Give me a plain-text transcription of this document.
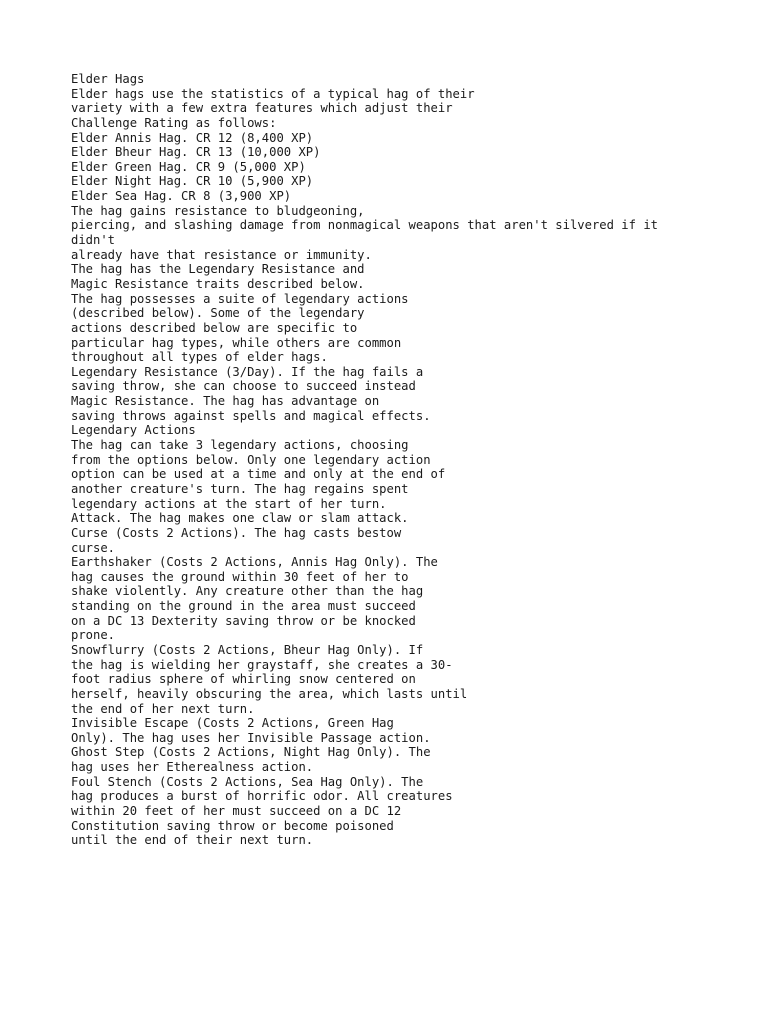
Elder Hags
Elder hags use the statistics of a typical hag of their
variety with a few extra features which adjust their
Challenge Rating as follows:
Elder Annis Hag. CR 12 (8,400 XP)
Elder Bheur Hag. CR 13 (10,000 XP)
Elder Green Hag. CR 9 (5,000 XP)
Elder Night Hag. CR 10 (5,900 XP)
Elder Sea Hag. CR 8 (3,900 XP)
The hag gains resistance to bludgeoning,
piercing, and slashing damage from nonmagical weapons that aren't silvered if it
didn't
already have that resistance or immunity.
The hag has the Legendary Resistance and
Magic Resistance traits described below.
The hag possesses a suite of legendary actions
(described below). Some of the legendary
actions described below are specific to
particular hag types, while others are common
throughout all types of elder hags.
Legendary Resistance (3/Day). If the hag fails a
saving throw, she can choose to succeed instead
Magic Resistance. The hag has advantage on
saving throws against spells and magical effects.
Legendary Actions
The hag can take 3 legendary actions, choosing
from the options below. Only one legendary action
option can be used at a time and only at the end of
another creature's turn. The hag regains spent
legendary actions at the start of her turn.
Attack. The hag makes one claw or slam attack.
Curse (Costs 2 Actions). The hag casts bestow
curse.
Earthshaker (Costs 2 Actions, Annis Hag Only). The
hag causes the ground within 30 feet of her to
shake violently. Any creature other than the hag
standing on the ground in the area must succeed
on a DC 13 Dexterity saving throw or be knocked
prone.
Snowflurry (Costs 2 Actions, Bheur Hag Only). If
the hag is wielding her graystaff, she creates a 30-
foot radius sphere of whirling snow centered on
herself, heavily obscuring the area, which lasts until
the end of her next turn.
Invisible Escape (Costs 2 Actions, Green Hag
Only). The hag uses her Invisible Passage action.
Ghost Step (Costs 2 Actions, Night Hag Only). The
hag uses her Etherealness action.
Foul Stench (Costs 2 Actions, Sea Hag Only). The
hag produces a burst of horrific odor. All creatures
within 20 feet of her must succeed on a DC 12
Constitution saving throw or become poisoned
until the end of their next turn.
